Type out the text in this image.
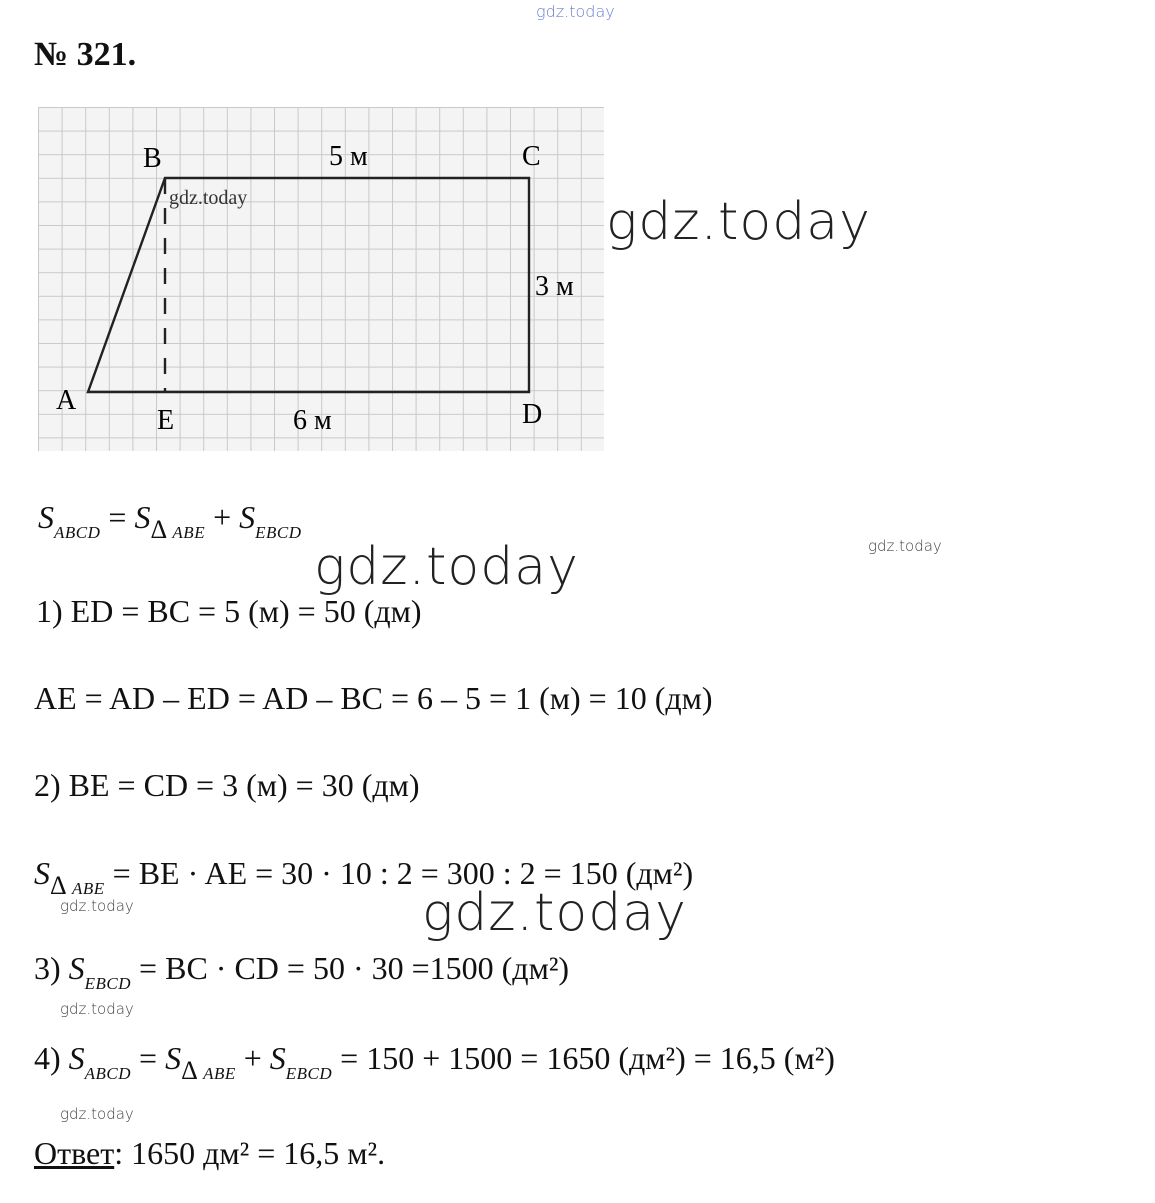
gdz.today
№ 321.
B	C
A
E	D
5 м
3 м
6 м
gdz.today	gdz.today
gdz.today
gdz.today
gdz.today
gdz.today
gdz.today
gdz.today
$S_{ABCD} = S_{\Delta ABE} + S_{EBCD}$
1) ED = BC = 5 (м) = 50 (дм)
AE = AD – ED = AD – BC = 6 – 5 = 1 (м) = 10 (дм)
2) BE = CD = 3 (м) = 30 (дм)
$S_{\Delta ABE}$ = BE · AE = 30 · 10 : 2 = 300 : 2 = 150 (дм²)
3) $S_{EBCD}$ = BC · CD = 50 · 30 =1500 (дм²)
4) $S_{ABCD} = S_{\Delta ABE} + S_{EBCD} = 150 + 1500 = 1650$ (дм²) = 16,5 (м²)
Ответ: 1650 дм² = 16,5 м².
